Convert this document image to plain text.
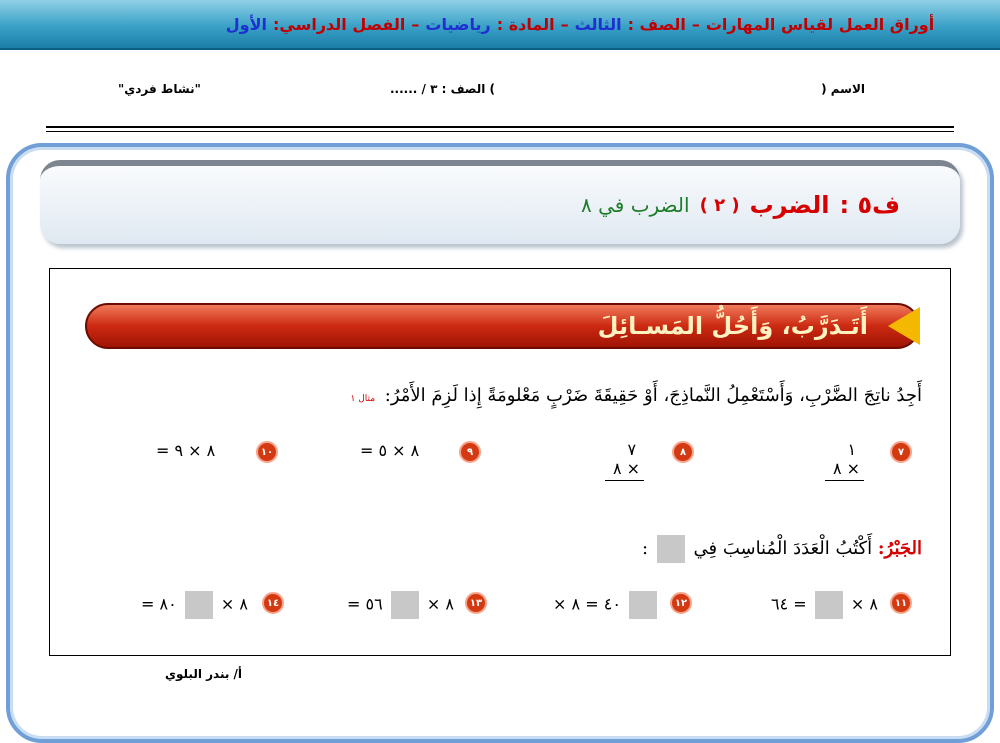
أوراق العمل لقياس المهارات
–
الصف :
الثالث
–
المادة :
رياضيات
–
الفصل الدراسي:
الأول
الاسم (
) الصف : ٣ / ......
"نشاط فردي"
ف٥ :
الضرب
( ٢ )
الضرب في ٨
أَتَـدَرَّبُ، وَأَحُلُّ المَسـائِلَ
أَجِدُ ناتِجَ الضَّرْبِ، وَأَسْتَعْمِلُ النَّماذِجَ، أَوْ حَقِيقَةَ ضَرْبٍ مَعْلومَةً إِذا لَزِمَ الأَمْرُ: مثال ١
٧
١
٨ ×
٨
٧
٨ ×
٩
= ٨ × ٥
١٠
= ٨ × ٩
الجَبْرُ: أَكْتُبُ الْعَدَدَ الْمُناسِبَ فِي  :
١١
٨ ×  = ٦٤
١٢
٤٠ = ٨ ×
١٣
٨ ×  ٥٦ =
١٤
٨ ×  ٨٠ =
أ/ بندر البلوي
